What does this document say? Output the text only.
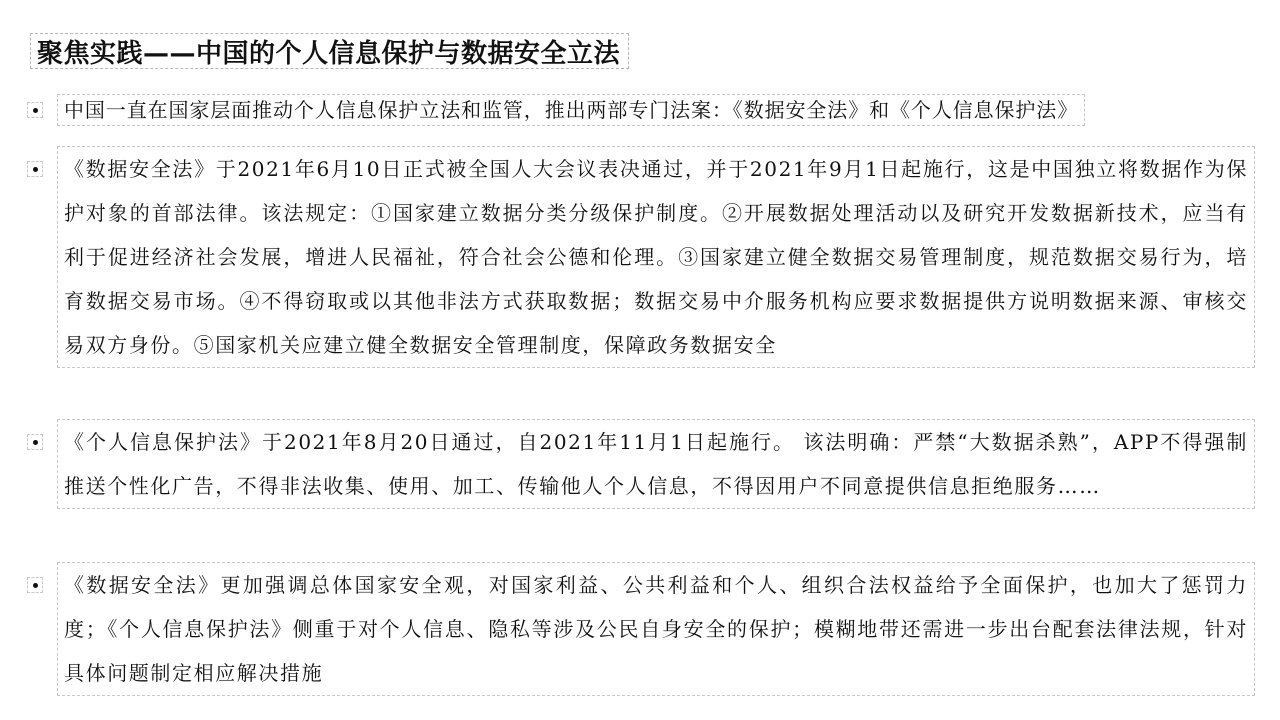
聚焦实践——中国的个人信息保护与数据安全立法
中国一直在国家层面推动个人信息保护立法和监管，推出两部专门法案：《数据安全法》和《个人信息保护法》
《数据安全法》于2021年6月10日正式被全国人大会议表决通过，并于2021年9月1日起施行，这是中国独立将数据作为保护对象的首部法律。该法规定：①国家建立数据分类分级保护制度。②开展数据处理活动以及研究开发数据新技术，应当有利于促进经济社会发展，增进人民福祉，符合社会公德和伦理。③国家建立健全数据交易管理制度，规范数据交易行为，培育数据交易市场。④不得窃取或以其他非法方式获取数据；数据交易中介服务机构应要求数据提供方说明数据来源、审核交易双方身份。⑤国家机关应建立健全数据安全管理制度，保障政务数据安全
《个人信息保护法》于2021年8月20日通过，自2021年11月1日起施行。 该法明确：严禁“大数据杀熟”，APP不得强制推送个性化广告，不得非法收集、使用、加工、传输他人个人信息，不得因用户不同意提供信息拒绝服务……
《数据安全法》更加强调总体国家安全观，对国家利益、公共利益和个人、组织合法权益给予全面保护，也加大了惩罚力度；《个人信息保护法》侧重于对个人信息、隐私等涉及公民自身安全的保护；模糊地带还需进一步出台配套法律法规，针对具体问题制定相应解决措施
